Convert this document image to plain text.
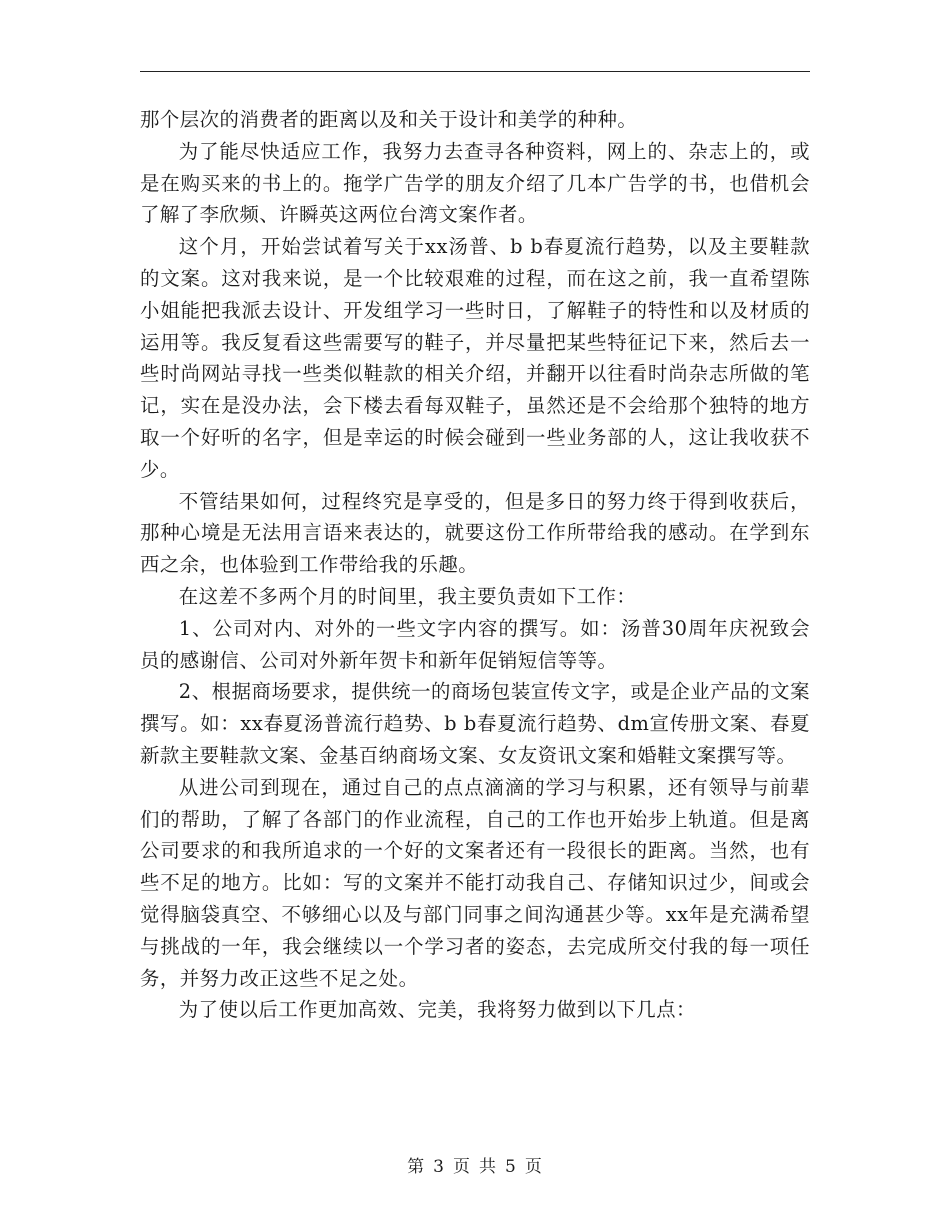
那个层次的消费者的距离以及和关于设计和美学的种种。

为了能尽快适应工作，我努力去查寻各种资料，网上的、杂志上的，或是在购买来的书上的。拖学广告学的朋友介绍了几本广告学的书，也借机会了解了李欣频、许瞬英这两位台湾文案作者。

这个月，开始尝试着写关于xx汤普、b b春夏流行趋势，以及主要鞋款的文案。这对我来说，是一个比较艰难的过程，而在这之前，我一直希望陈小姐能把我派去设计、开发组学习一些时日，了解鞋子的特性和以及材质的运用等。我反复看这些需要写的鞋子，并尽量把某些特征记下来，然后去一些时尚网站寻找一些类似鞋款的相关介绍，并翻开以往看时尚杂志所做的笔记，实在是没办法，会下楼去看每双鞋子，虽然还是不会给那个独特的地方取一个好听的名字，但是幸运的时候会碰到一些业务部的人，这让我收获不少。

不管结果如何，过程终究是享受的，但是多日的努力终于得到收获后，那种心境是无法用言语来表达的，就要这份工作所带给我的感动。在学到东西之余，也体验到工作带给我的乐趣。

在这差不多两个月的时间里，我主要负责如下工作：

1、公司对内、对外的一些文字内容的撰写。如：汤普30周年庆祝致会员的感谢信、公司对外新年贺卡和新年促销短信等等。

2、根据商场要求，提供统一的商场包装宣传文字，或是企业产品的文案撰写。如：xx春夏汤普流行趋势、b b春夏流行趋势、dm宣传册文案、春夏新款主要鞋款文案、金基百纳商场文案、女友资讯文案和婚鞋文案撰写等。

从进公司到现在，通过自己的点点滴滴的学习与积累，还有领导与前辈们的帮助，了解了各部门的作业流程，自己的工作也开始步上轨道。但是离公司要求的和我所追求的一个好的文案者还有一段很长的距离。当然，也有些不足的地方。比如：写的文案并不能打动我自己、存储知识过少，间或会觉得脑袋真空、不够细心以及与部门同事之间沟通甚少等。xx年是充满希望与挑战的一年，我会继续以一个学习者的姿态，去完成所交付我的每一项任务，并努力改正这些不足之处。

为了使以后工作更加高效、完美，我将努力做到以下几点：

第 3 页 共 5 页
